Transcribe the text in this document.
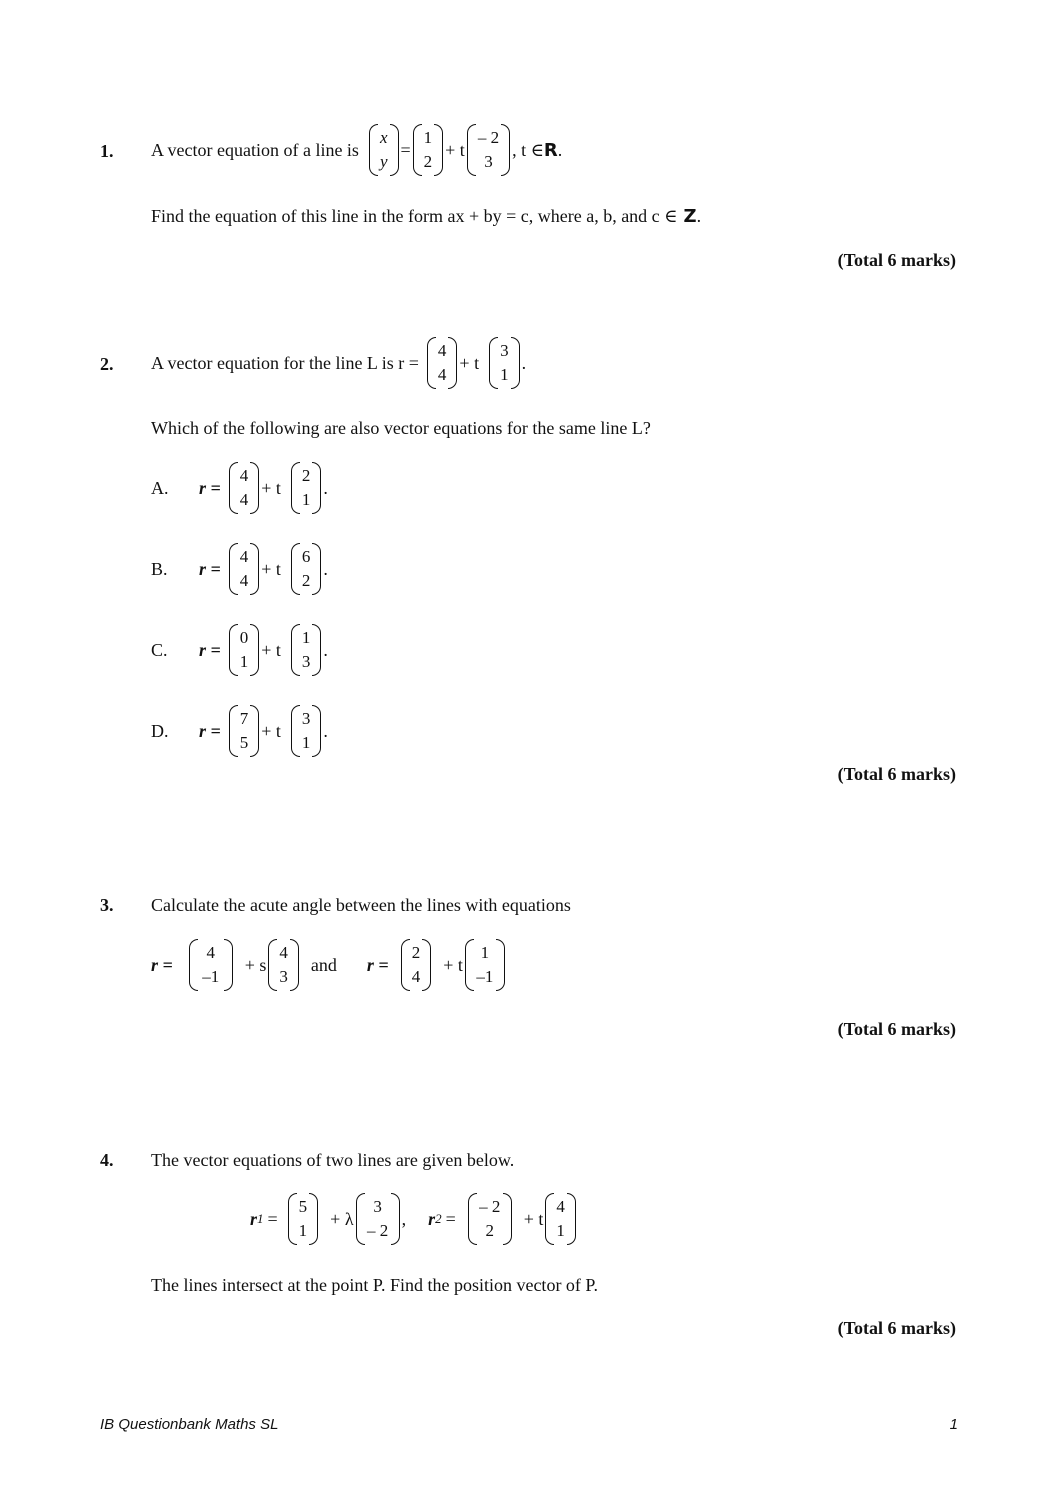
1. A vector equation of a line is
x
y
=
1
2
+ t
– 2
3
, t ∈ R .
Find the equation of this line in the form ax + by = c, where a, b, and c ∈ Z .
(Total 6 marks)
2. A vector equation for the line L is r =
4
4
+ t
3
1
.
Which of the following are also vector equations for the same line L?
A.	r =
4
4
+ t
2
1
.
B.	r =
4
4
+ t
6
2
.
C.	r =
0
1
+ t
1
3
.
D.	r =
7
5
+ t
3
1
.
(Total 6 marks)
3. Calculate the acute angle between the lines with equations
r =
4
–1
+ s
4
3
and r =
2
4
+ t
1
–1
(Total 6 marks)
4. The vector equations of two lines are given below.
r 1 =
5
1
+ λ
3
– 2
, r 2 =
– 2
2
+ t
4
1
The lines intersect at the point P. Find the position vector of P.
(Total 6 marks)
IB Questionbank Maths SL	1
